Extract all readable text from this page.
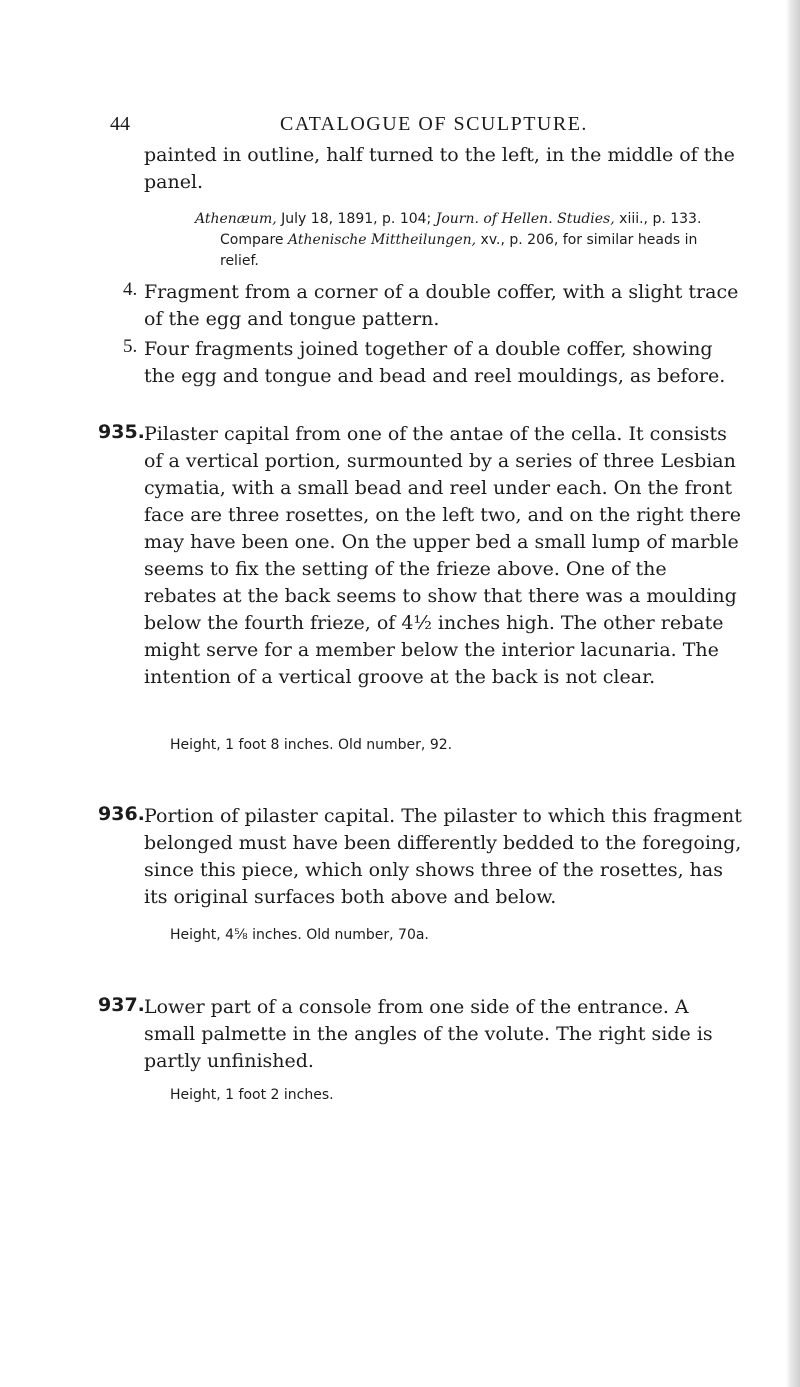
44	CATALOGUE OF SCULPTURE.
painted in outline, half turned to the left, in the middle of the panel.
Athenæum, July 18, 1891, p. 104; Journ. of Hellen. Studies, xiii., p. 133. Compare Athenische Mittheilungen, xv., p. 206, for similar heads in relief.
4. Fragment from a corner of a double coffer, with a slight trace of the egg and tongue pattern.
5. Four fragments joined together of a double coffer, showing the egg and tongue and bead and reel mouldings, as before.
935. Pilaster capital from one of the antae of the cella. It consists of a vertical portion, surmounted by a series of three Lesbian cymatia, with a small bead and reel under each. On the front face are three rosettes, on the left two, and on the right there may have been one. On the upper bed a small lump of marble seems to fix the setting of the frieze above. One of the rebates at the back seems to show that there was a moulding below the fourth frieze, of 4½ inches high. The other rebate might serve for a member below the interior lacunaria. The intention of a vertical groove at the back is not clear.
Height, 1 foot 8 inches. Old number, 92.
936. Portion of pilaster capital. The pilaster to which this fragment belonged must have been differently bedded to the foregoing, since this piece, which only shows three of the rosettes, has its original surfaces both above and below.
Height, 4⅝ inches. Old number, 70a.
937. Lower part of a console from one side of the entrance. A small palmette in the angles of the volute. The right side is partly unfinished.
Height, 1 foot 2 inches.
